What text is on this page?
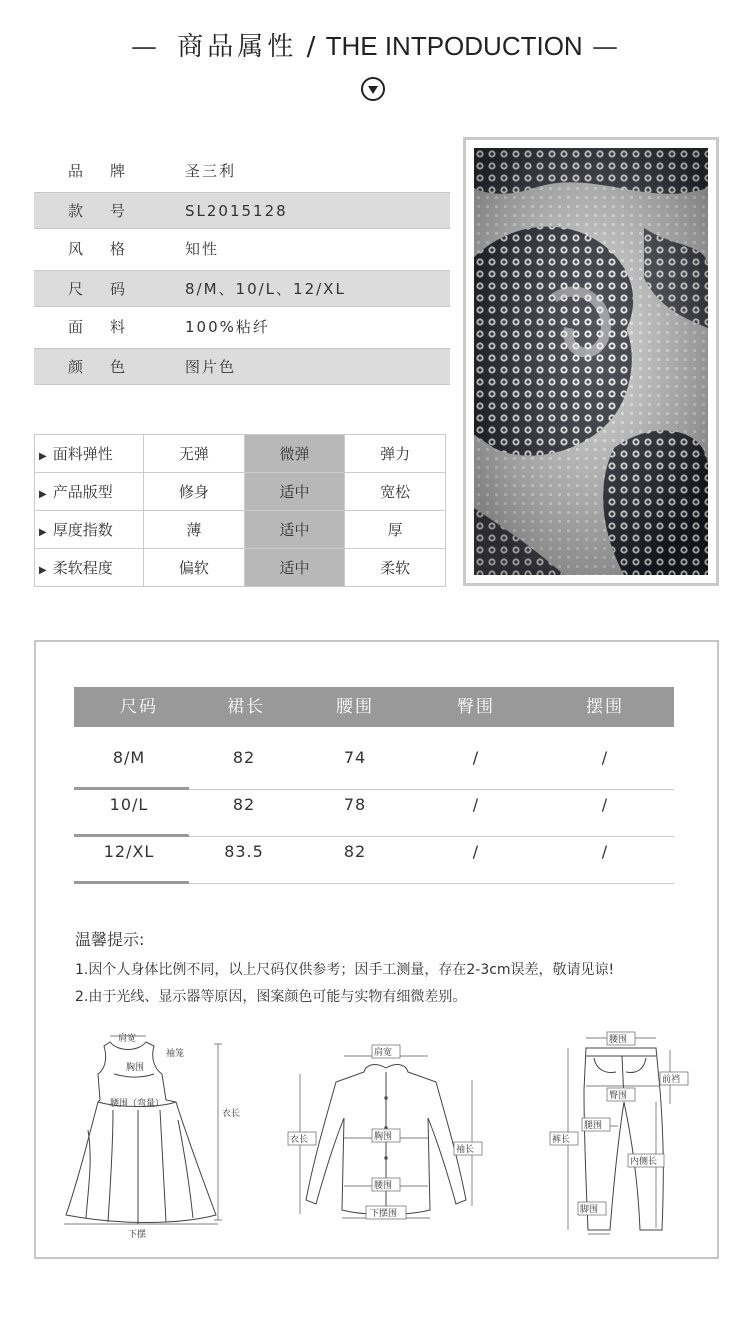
— 商品属性 / THE INTPODUCTION —
品牌 圣三利
款号 SL2015128
风格 知性
尺码 8/M、10/L、12/XL
面料 100%粘纤
颜色 图片色
▶ 面料弹性	无弹	微弹	弹力
▶ 产品版型	修身	适中	宽松
▶ 厚度指数	薄	适中	厚
▶ 柔软程度	偏软	适中	柔软
尺码	裙长	腰围	臀围	摆围
8/M	82	74	/	/
10/L	82	78	/	/
12/XL	83.5	82	/	/
温馨提示:
1.因个人身体比例不同，以上尺码仅供参考；因手工测量，存在2-3cm误差，敬请见谅!
2.由于光线、显示器等原因，图案颜色可能与实物有细微差别。
肩宽
袖笼
胸围
腰围（弯量）
衣长
下摆
肩宽
衣长	胸围
袖长
腰围
下摆围
腰围
前裆
臀围
腿围
裤长
内侧长
脚围
